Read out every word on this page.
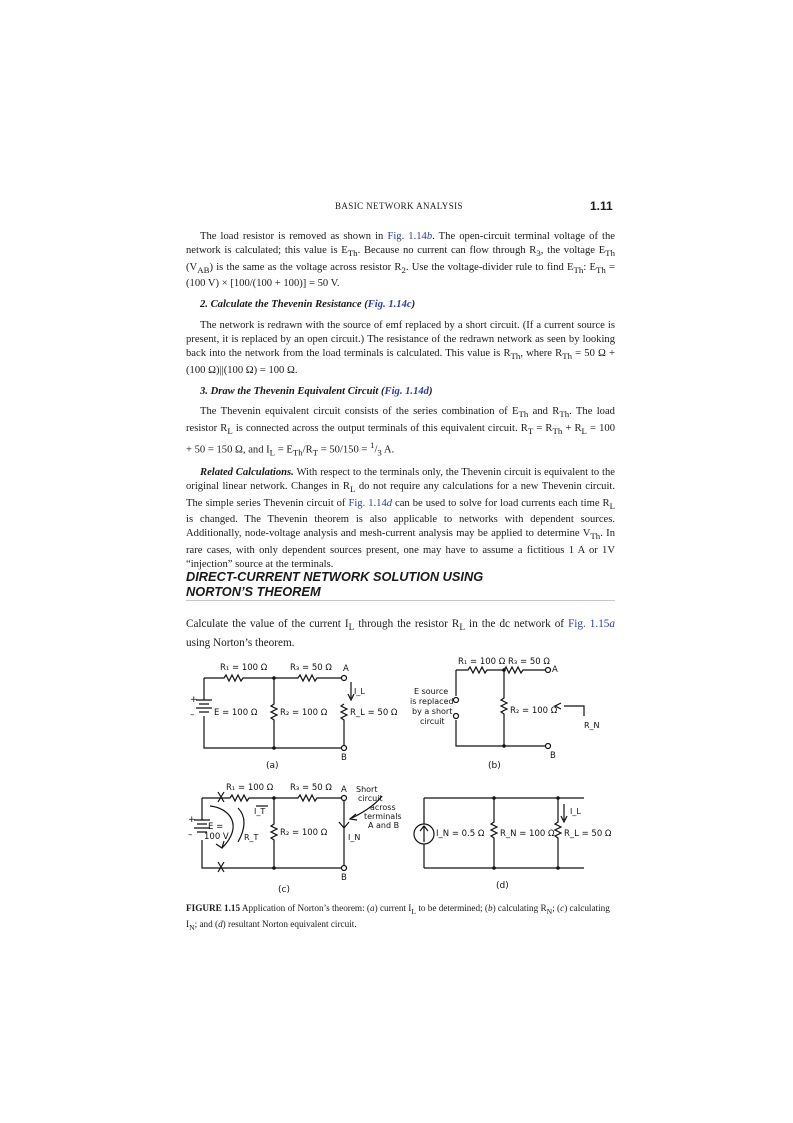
BASIC NETWORK ANALYSIS	1.11

The load resistor is removed as shown in Fig. 1.14b. The open-circuit terminal voltage of the network is calculated; this value is $E_{Th}$. Because no current can flow through $R_3$, the voltage $E_{Th}$ $(V_{AB})$ is the same as the voltage across resistor $R_2$. Use the voltage-divider rule to find $E_{Th}$: $E_{Th} = (100$ V) × [100/(100 + 100)] = 50 V.

2. Calculate the Thevenin Resistance (Fig. 1.14c)

The network is redrawn with the source of emf replaced by a short circuit. (If a current source is present, it is replaced by an open circuit.) The resistance of the redrawn network as seen by looking back into the network from the load terminals is calculated. This value is $R_{Th}$, where $R_{Th} = 50$ Ω + (100 Ω)||(100 Ω) = 100 Ω.

3. Draw the Thevenin Equivalent Circuit (Fig. 1.14d)

The Thevenin equivalent circuit consists of the series combination of $E_{Th}$ and $R_{Th}$. The load resistor $R_L$ is connected across the output terminals of this equivalent circuit. $R_T = R_{Th} + R_L = 100 + 50 = 150$ Ω, and $I_L = E_{Th}/R_T = 50/150 = ^1/_3$ A.

Related Calculations. With respect to the terminals only, the Thevenin circuit is equivalent to the original linear network. Changes in $R_L$ do not require any calculations for a new Thevenin circuit. The simple series Thevenin circuit of Fig. 1.14d can be used to solve for load currents each time $R_L$ is changed. The Thevenin theorem is also applicable to networks with dependent sources. Additionally, node-voltage analysis and mesh-current analysis may be applied to determine $V_{Th}$. In rare cases, with only dependent sources present, one may have to assume a fictitious 1 A or 1V “injection” source at the terminals.

DIRECT-CURRENT NETWORK SOLUTION USING
NORTON’S THEOREM

Calculate the value of the current $I_L$ through the resistor $R_L$ in the dc network of Fig. 1.15a using Norton’s theorem.

R₁ = 100 Ω	R₃ = 50 Ω A
I_L
+
– E = 100 Ω	R₂ = 100 Ω	R_L = 50 Ω
B
(a)
R₁ = 100 Ω R₃ = 50 Ω
A
E source
is replaced
by a short
circuit
R₂ = 100 Ω
R_N
B
(b)
R₁ = 100 Ω R₃ = 50 Ω A
I_T
+
–
E =
100 V R_T	R₂ = 100 Ω	I_N
Short
circuit
across
terminals
A and B
B
(c)
I_N = 0.5 Ω R_N = 100 Ω R_L = 50 Ω
I_L
(d)

FIGURE 1.15 Application of Norton’s theorem: (a) current $I_L$ to be determined; (b) calculating $R_N$; (c) calculating $I_N$; and (d) resultant Norton equivalent circuit.
